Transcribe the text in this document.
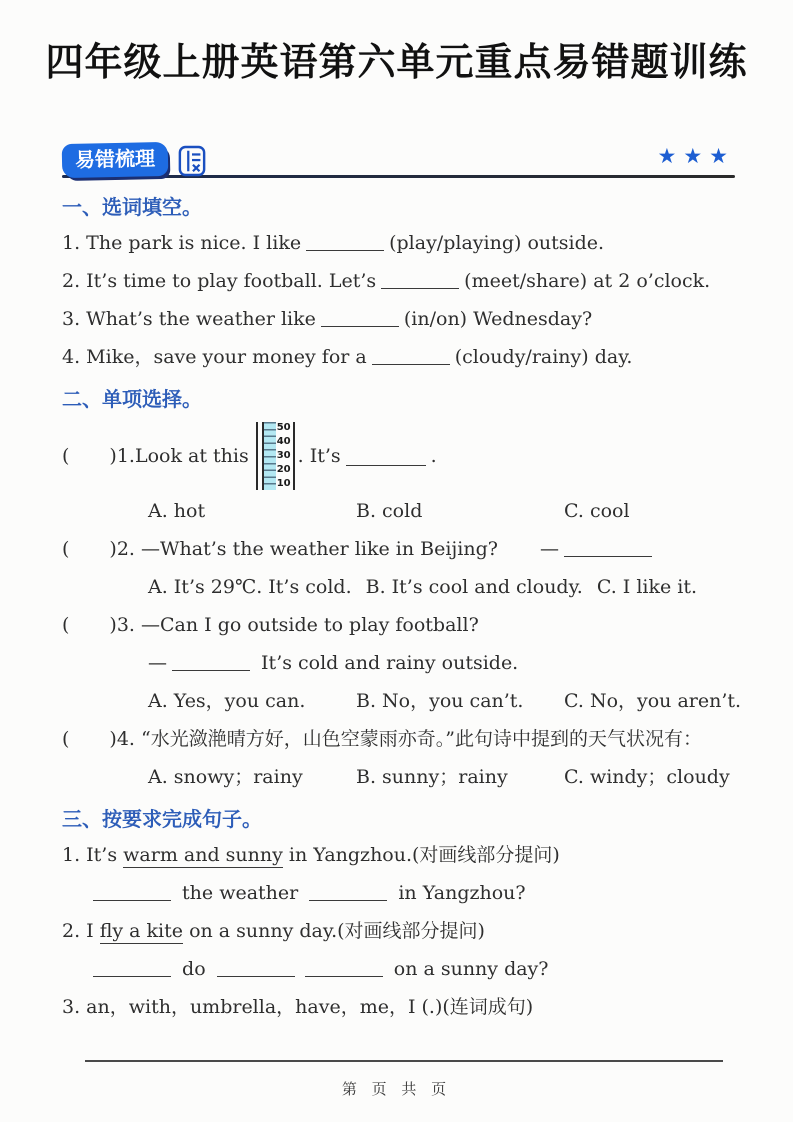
四年级上册英语第六单元重点易错题训练
易错梳理	★★★
一、选词填空。

1. The park is nice. I like	(play/playing) outside.

2. It’s time to play football. Let’s	(meet/share) at 2 o’clock.

3. What’s the weather like	(in/on) Wednesday?

4. Mike，save your money for a	(cloudy/rainy) day.

二、单项选择。
( )1. Look at this
50
40
30
20
10
. It’s	.
A. hot	B. cold	C. cool

( )2. —What’s the weather like in Beijing? —

A. It’s 29℃. It’s cold. B. It’s cool and cloudy. C. I like it.

( )3. —Can I go outside to play football?

—	It’s cold and rainy outside.

A. Yes，you can.	B. No，you can’t.	C. No，you aren’t.

( )4. “水光潋滟晴方好，山色空蒙雨亦奇。”此句诗中提到的天气状况有：

A. snowy；rainy	B. sunny；rainy	C. windy；cloudy
三、按要求完成句子。

1. It’s warm and sunny in Yangzhou.(对画线部分提问)

the weather	in Yangzhou?

2. I fly a kite on a sunny day.(对画线部分提问)

do	on a sunny day?

3. an，with，umbrella，have，me，I (.)(连词成句)

第 页 共 页
